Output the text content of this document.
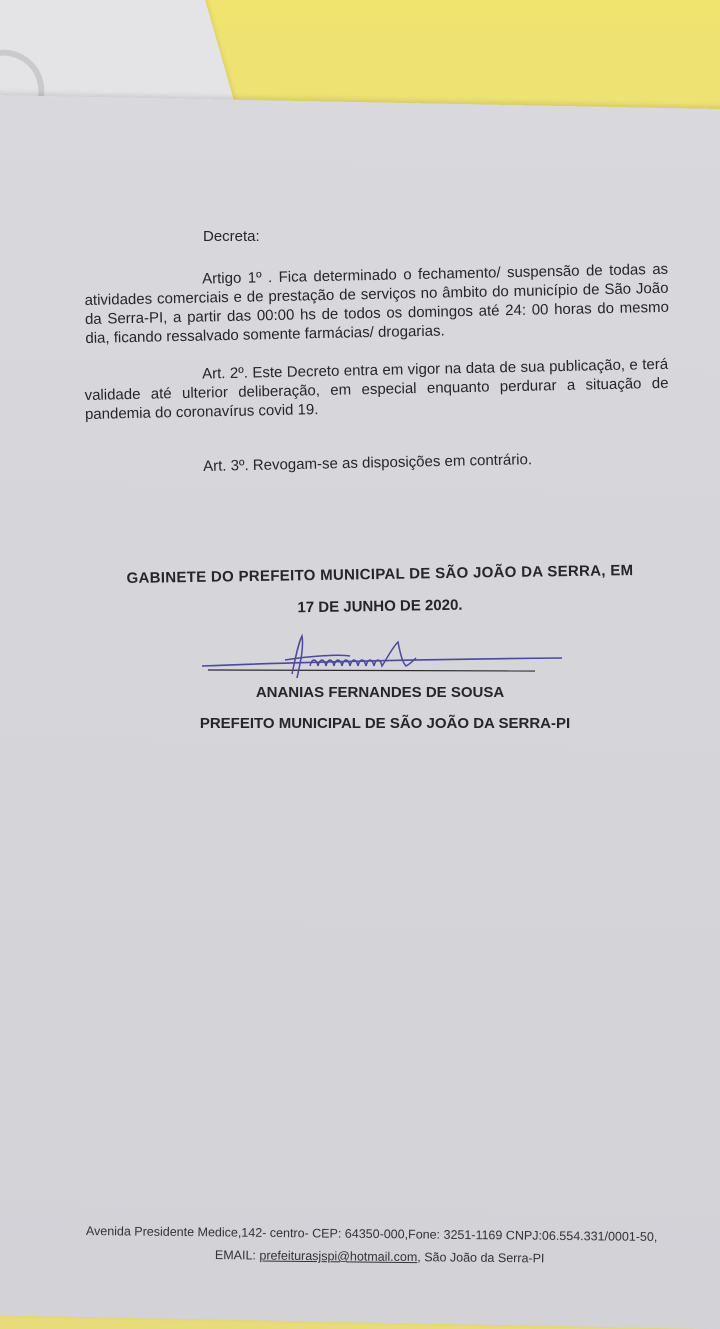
Decreta:
Artigo 1º . Fica determinado o fechamento/ suspensão de todas as atividades comerciais e de prestação de serviços no âmbito do município de São João da Serra-PI, a partir das 00:00 hs de todos os domingos até 24: 00 horas do mesmo dia, ficando ressalvado somente farmácias/ drogarias.
Art. 2º. Este Decreto entra em vigor na data de sua publicação, e terá validade até ulterior deliberação, em especial enquanto perdurar a situação de pandemia do coronavírus covid 19.
Art. 3º. Revogam-se as disposições em contrário.
GABINETE DO PREFEITO MUNICIPAL DE SÃO JOÃO DA SERRA, EM
17 DE JUNHO DE 2020.
ANANIAS FERNANDES DE SOUSA
PREFEITO MUNICIPAL DE SÃO JOÃO DA SERRA-PI
Avenida Presidente Medice,142- centro- CEP: 64350-000,Fone: 3251-1169 CNPJ:06.554.331/0001-50,
EMAIL: prefeiturasjspi@hotmail.com, São João da Serra-PI
